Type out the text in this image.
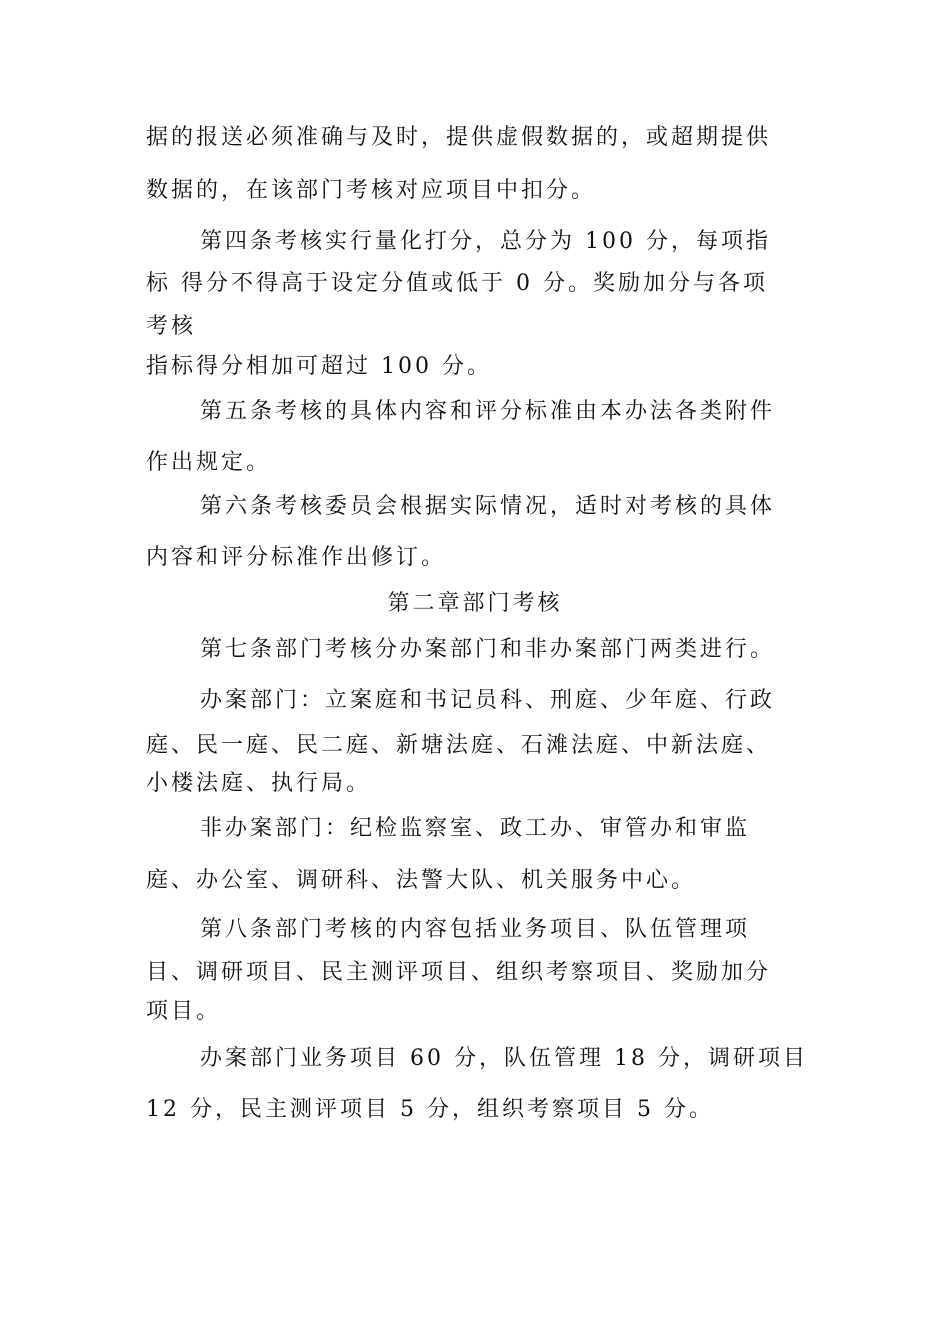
据的报送必须准确与及时，提供虚假数据的，或超期提供
数据的，在该部门考核对应项目中扣分。
第四条考核实行量化打分，总分为 100 分，每项指
标 得分不得高于设定分值或低于 0 分。奖励加分与各项
考核
指标得分相加可超过 100 分。
第五条考核的具体内容和评分标准由本办法各类附件
作出规定。
第六条考核委员会根据实际情况，适时对考核的具体
内容和评分标准作出修订。
第二章部门考核
第七条部门考核分办案部门和非办案部门两类进行。
办案部门：立案庭和书记员科、刑庭、少年庭、行政
庭、民一庭、民二庭、新塘法庭、石滩法庭、中新法庭、
小楼法庭、执行局。
非办案部门：纪检监察室、政工办、审管办和审监
庭、办公室、调研科、法警大队、机关服务中心。
第八条部门考核的内容包括业务项目、队伍管理项
目、调研项目、民主测评项目、组织考察项目、奖励加分
项目。
办案部门业务项目 60 分，队伍管理 18 分，调研项目
12 分，民主测评项目 5 分，组织考察项目 5 分。
